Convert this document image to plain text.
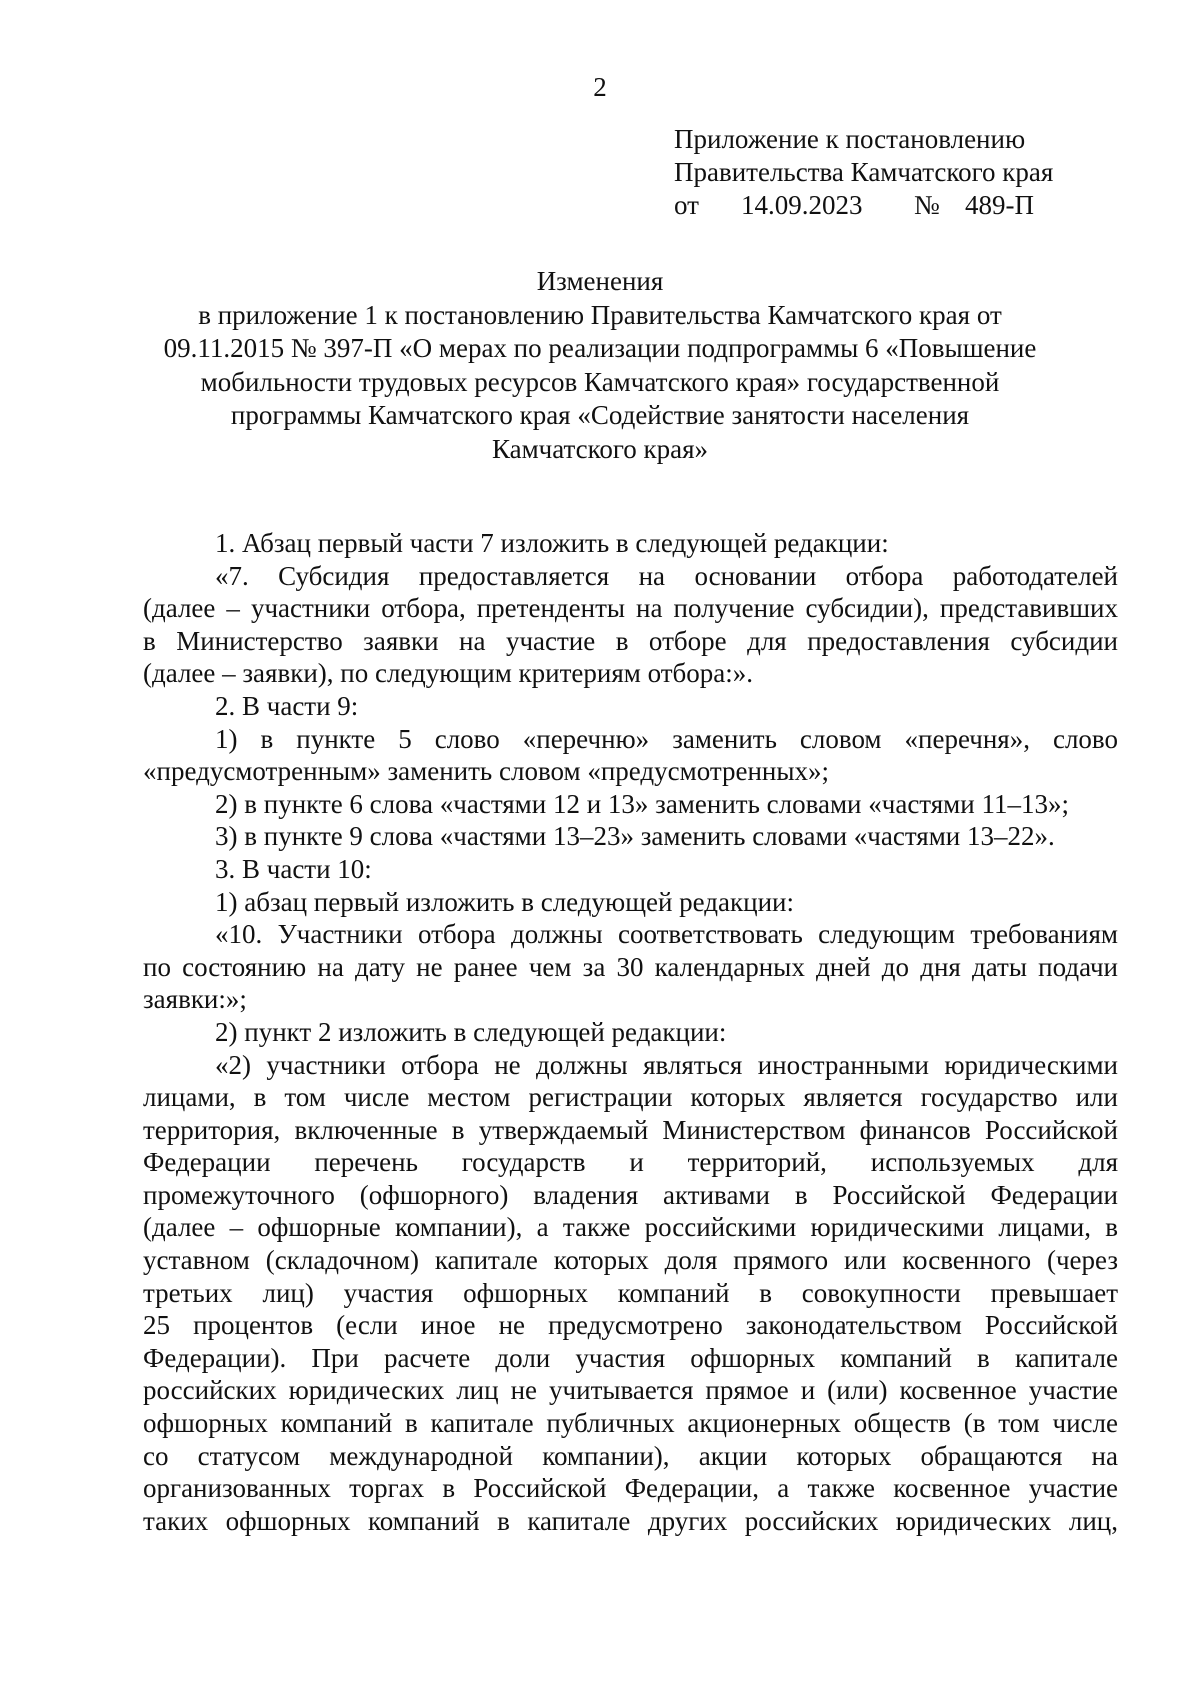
2
Приложение к постановлению
Правительства Камчатского края
от 14.09.2023 № 489-П
Изменения
в приложение 1 к постановлению Правительства Камчатского края от
09.11.2015 № 397-П «О мерах по реализации подпрограммы 6 «Повышение
мобильности трудовых ресурсов Камчатского края» государственной
программы Камчатского края «Содействие занятости населения
Камчатского края»

1. Абзац первый части 7 изложить в следующей редакции:

«7. Субсидия предоставляется на основании отбора работодателей
(далее – участники отбора, претенденты на получение субсидии), представивших
в Министерство заявки на участие в отборе для предоставления субсидии
(далее – заявки), по следующим критериям отбора:».

2. В части 9:

1) в пункте 5 слово «перечню» заменить словом «перечня», слово
«предусмотренным» заменить словом «предусмотренных»;

2) в пункте 6 слова «частями 12 и 13» заменить словами «частями 11–13»;

3) в пункте 9 слова «частями 13–23» заменить словами «частями 13–22».

3. В части 10:

1) абзац первый изложить в следующей редакции:

«10. Участники отбора должны соответствовать следующим требованиям
по состоянию на дату не ранее чем за 30 календарных дней до дня даты подачи
заявки:»;

2) пункт 2 изложить в следующей редакции:

«2) участники отбора не должны являться иностранными юридическими
лицами, в том числе местом регистрации которых является государство или
территория, включенные в утверждаемый Министерством финансов Российской
Федерации перечень государств и территорий, используемых для
промежуточного (офшорного) владения активами в Российской Федерации
(далее – офшорные компании), а также российскими юридическими лицами, в
уставном (складочном) капитале которых доля прямого или косвенного (через
третьих лиц) участия офшорных компаний в совокупности превышает
25 процентов (если иное не предусмотрено законодательством Российской
Федерации). При расчете доли участия офшорных компаний в капитале
российских юридических лиц не учитывается прямое и (или) косвенное участие
офшорных компаний в капитале публичных акционерных обществ (в том числе
со статусом международной компании), акции которых обращаются на
организованных торгах в Российской Федерации, а также косвенное участие
таких офшорных компаний в капитале других российских юридических лиц,
